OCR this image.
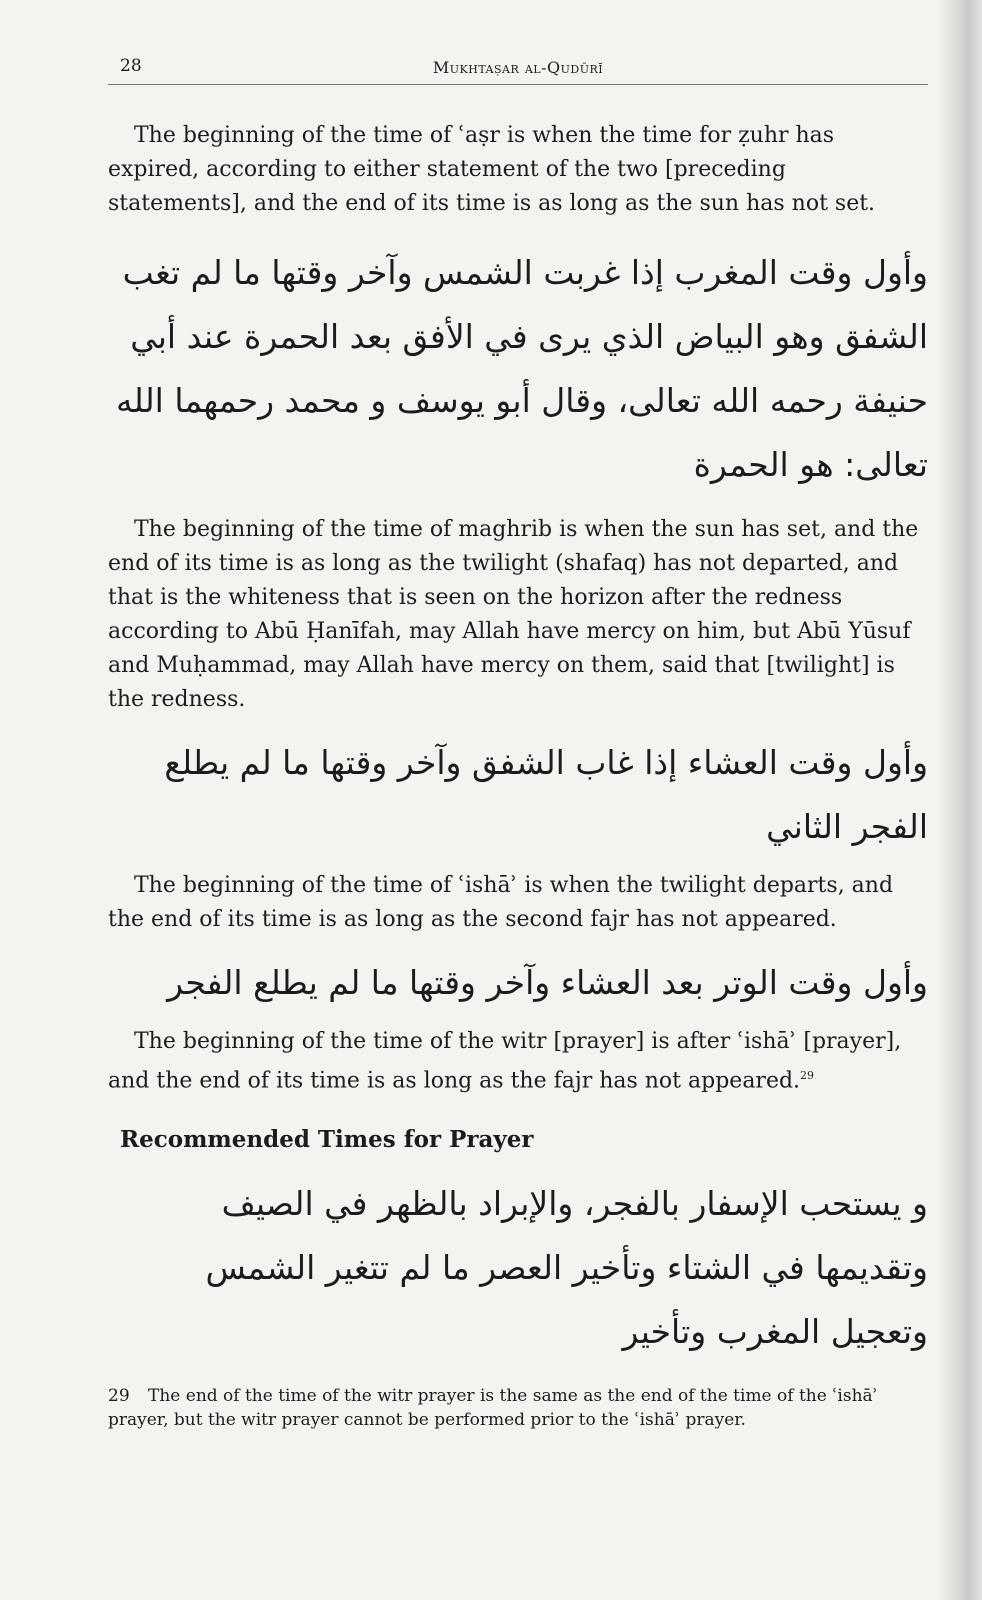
28	Mukhtaṣar al-Qudūrī

The beginning of the time of ʿaṣr is when the time for ẓuhr has expired, according to either statement of the two [preceding statements], and the end of its time is as long as the sun has not set.

وأول وقت المغرب إذا غربت الشمس وآخر وقتها ما لم تغب الشفق وهو البياض الذي يرى في الأفق بعد الحمرة عند أبي حنيفة رحمه الله تعالى، وقال أبو يوسف و محمد رحمهما الله تعالى: هو الحمرة

The beginning of the time of maghrib is when the sun has set, and the end of its time is as long as the twilight (shafaq) has not departed, and that is the whiteness that is seen on the horizon after the redness according to Abū Ḥanīfah, may Allah have mercy on him, but Abū Yūsuf and Muḥammad, may Allah have mercy on them, said that [twilight] is the redness.

وأول وقت العشاء إذا غاب الشفق وآخر وقتها ما لم يطلع الفجر الثاني

The beginning of the time of ʿishāʾ is when the twilight departs, and the end of its time is as long as the second fajr has not appeared.

وأول وقت الوتر بعد العشاء وآخر وقتها ما لم يطلع الفجر

The beginning of the time of the witr [prayer] is after ʿishāʾ [prayer], and the end of its time is as long as the fajr has not appeared.$^{29}$

Recommended Times for Prayer

و يستحب الإسفار بالفجر، والإبراد بالظهر في الصيف وتقديمها في الشتاء وتأخير العصر ما لم تتغير الشمس وتعجيل المغرب وتأخير

29 The end of the time of the witr prayer is the same as the end of the time of the ʿishāʾ prayer, but the witr prayer cannot be performed prior to the ʿishāʾ prayer.
